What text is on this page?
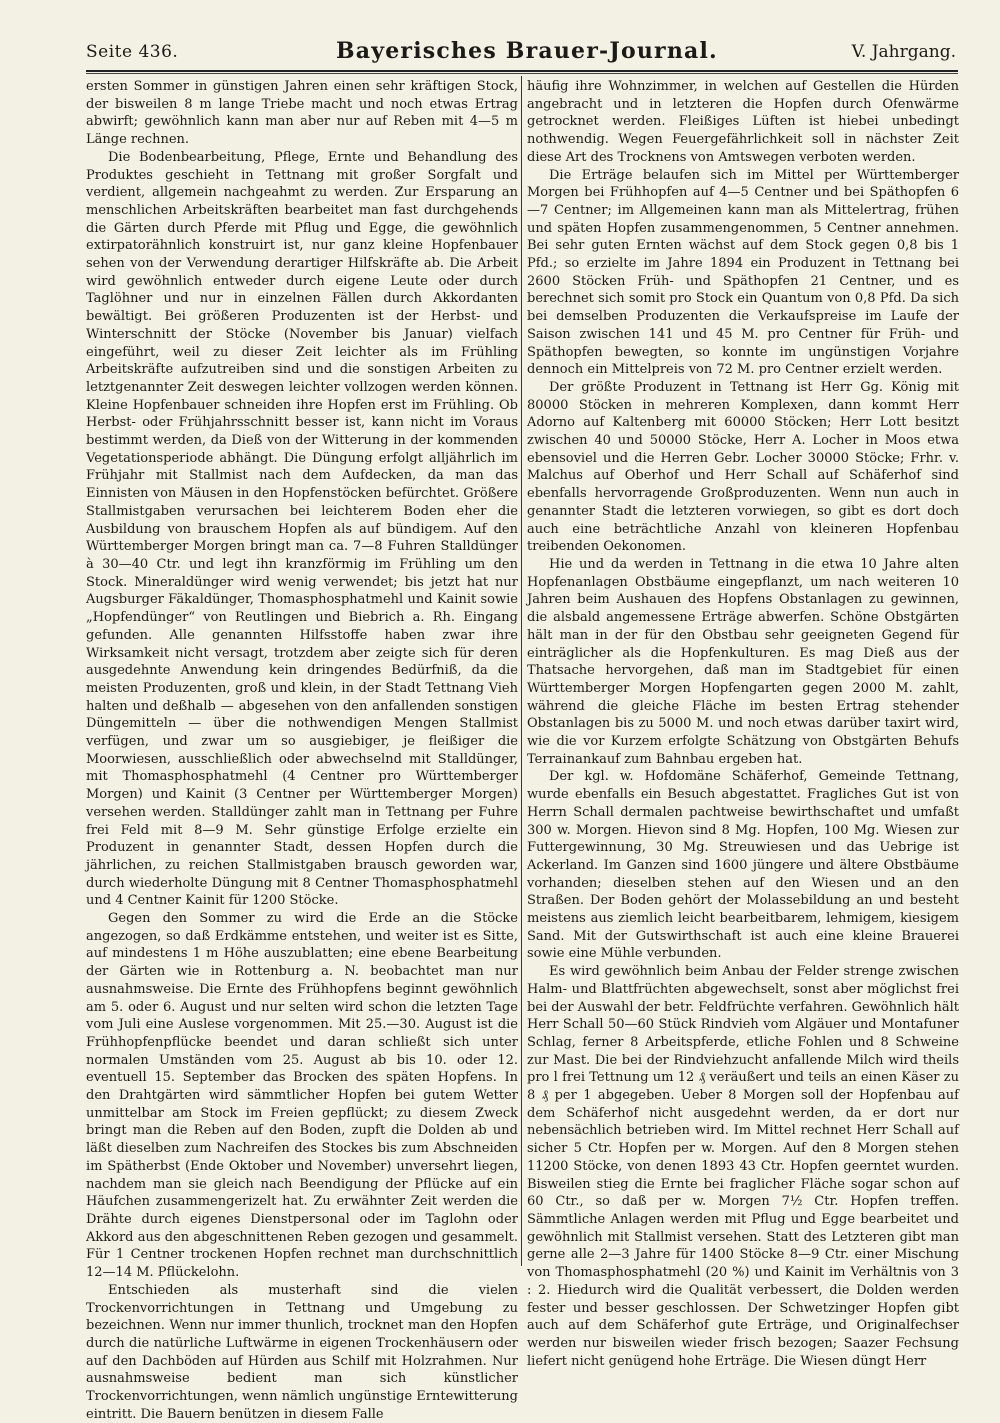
Seite 436.	Bayerisches Brauer-Journal.	V. Jahrgang.

ersten Sommer in günstigen Jahren einen sehr kräftigen Stock, der bisweilen 8 m lange Triebe macht und noch etwas Ertrag abwirft; gewöhnlich kann man aber nur auf Reben mit 4—5 m Länge rechnen.

Die Bodenbearbeitung, Pflege, Ernte und Behandlung des Produktes geschieht in Tettnang mit großer Sorgfalt und verdient, allgemein nachgeahmt zu werden. Zur Ersparung an menschlichen Arbeitskräften bearbeitet man fast durchgehends die Gärten durch Pferde mit Pflug und Egge, die gewöhnlich extirpatorähnlich konstruirt ist, nur ganz kleine Hopfenbauer sehen von der Verwendung derartiger Hilfskräfte ab. Die Arbeit wird gewöhnlich entweder durch eigene Leute oder durch Taglöhner und nur in einzelnen Fällen durch Akkordanten bewältigt. Bei größeren Produzenten ist der Herbst- und Winterschnitt der Stöcke (November bis Januar) vielfach eingeführt, weil zu dieser Zeit leichter als im Frühling Arbeitskräfte aufzutreiben sind und die sonstigen Arbeiten zu letztgenannter Zeit deswegen leichter vollzogen werden können. Kleine Hopfenbauer schneiden ihre Hopfen erst im Frühling. Ob Herbst- oder Frühjahrsschnitt besser ist, kann nicht im Voraus bestimmt werden, da Dieß von der Witterung in der kommenden Vegetationsperiode abhängt. Die Düngung erfolgt alljährlich im Frühjahr mit Stallmist nach dem Aufdecken, da man das Einnisten von Mäusen in den Hopfenstöcken befürchtet. Größere Stallmistgaben verursachen bei leichterem Boden eher die Ausbildung von brauschem Hopfen als auf bündigem. Auf den Württemberger Morgen bringt man ca. 7—8 Fuhren Stalldünger à 30—40 Ctr. und legt ihn kranzförmig im Frühling um den Stock. Mineraldünger wird wenig verwendet; bis jetzt hat nur Augsburger Fäkaldünger, Thomasphosphatmehl und Kainit sowie „Hopfendünger“ von Reutlingen und Biebrich a. Rh. Eingang gefunden. Alle genannten Hilfsstoffe haben zwar ihre Wirksamkeit nicht versagt, trotzdem aber zeigte sich für deren ausgedehnte Anwendung kein dringendes Bedürfniß, da die meisten Produzenten, groß und klein, in der Stadt Tettnang Vieh halten und deßhalb — abgesehen von den anfallenden sonstigen Düngemitteln — über die nothwendigen Mengen Stallmist verfügen, und zwar um so ausgiebiger, je fleißiger die Moorwiesen, ausschließlich oder abwechselnd mit Stalldünger, mit Thomasphosphatmehl (4 Centner pro Württemberger Morgen) und Kainit (3 Centner per Württemberger Morgen) versehen werden. Stalldünger zahlt man in Tettnang per Fuhre frei Feld mit 8—9 M. Sehr günstige Erfolge erzielte ein Produzent in genannter Stadt, dessen Hopfen durch die jährlichen, zu reichen Stallmistgaben brausch geworden war, durch wiederholte Düngung mit 8 Centner Thomasphosphatmehl und 4 Centner Kainit für 1200 Stöcke.

Gegen den Sommer zu wird die Erde an die Stöcke angezogen, so daß Erdkämme entstehen, und weiter ist es Sitte, auf mindestens 1 m Höhe auszublatten; eine ebene Bearbeitung der Gärten wie in Rottenburg a. N. beobachtet man nur ausnahmsweise. Die Ernte des Frühhopfens beginnt gewöhnlich am 5. oder 6. August und nur selten wird schon die letzten Tage vom Juli eine Auslese vorgenommen. Mit 25.—30. August ist die Frühhopfenpflücke beendet und daran schließt sich unter normalen Umständen vom 25. August ab bis 10. oder 12. eventuell 15. September das Brocken des späten Hopfens. In den Drahtgärten wird sämmtlicher Hopfen bei gutem Wetter unmittelbar am Stock im Freien gepflückt; zu diesem Zweck bringt man die Reben auf den Boden, zupft die Dolden ab und läßt dieselben zum Nachreifen des Stockes bis zum Abschneiden im Spätherbst (Ende Oktober und November) unversehrt liegen, nachdem man sie gleich nach Beendigung der Pflücke auf ein Häufchen zusammengerizelt hat. Zu erwähnter Zeit werden die Drähte durch eigenes Dienstpersonal oder im Taglohn oder Akkord aus den abgeschnittenen Reben gezogen und gesammelt. Für 1 Centner trockenen Hopfen rechnet man durchschnittlich 12—14 M. Pflückelohn.

Entschieden als musterhaft sind die vielen Trockenvorrichtungen in Tettnang und Umgebung zu bezeichnen. Wenn nur immer thunlich, trocknet man den Hopfen durch die natürliche Luftwärme in eigenen Trockenhäusern oder auf den Dachböden auf Hürden aus Schilf mit Holzrahmen. Nur ausnahmsweise bedient man sich künstlicher Trockenvorrichtungen, wenn nämlich ungünstige Erntewitterung eintritt. Die Bauern benützen in diesem Falle

häufig ihre Wohnzimmer, in welchen auf Gestellen die Hürden angebracht und in letzteren die Hopfen durch Ofenwärme getrocknet werden. Fleißiges Lüften ist hiebei unbedingt nothwendig. Wegen Feuergefährlichkeit soll in nächster Zeit diese Art des Trocknens von Amtswegen verboten werden.

Die Erträge belaufen sich im Mittel per Württemberger Morgen bei Frühhopfen auf 4—5 Centner und bei Späthopfen 6—7 Centner; im Allgemeinen kann man als Mittelertrag, frühen und späten Hopfen zusammengenommen, 5 Centner annehmen. Bei sehr guten Ernten wächst auf dem Stock gegen 0,8 bis 1 Pfd.; so erzielte im Jahre 1894 ein Produzent in Tettnang bei 2600 Stöcken Früh- und Späthopfen 21 Centner, und es berechnet sich somit pro Stock ein Quantum von 0,8 Pfd. Da sich bei demselben Produzenten die Verkaufspreise im Laufe der Saison zwischen 141 und 45 M. pro Centner für Früh- und Späthopfen bewegten, so konnte im ungünstigen Vorjahre dennoch ein Mittelpreis von 72 M. pro Centner erzielt werden.

Der größte Produzent in Tettnang ist Herr Gg. König mit 80000 Stöcken in mehreren Komplexen, dann kommt Herr Adorno auf Kaltenberg mit 60000 Stöcken; Herr Lott besitzt zwischen 40 und 50000 Stöcke, Herr A. Locher in Moos etwa ebensoviel und die Herren Gebr. Locher 30000 Stöcke; Frhr. v. Malchus auf Oberhof und Herr Schall auf Schäferhof sind ebenfalls hervorragende Großproduzenten. Wenn nun auch in genannter Stadt die letzteren vorwiegen, so gibt es dort doch auch eine beträchtliche Anzahl von kleineren Hopfenbau treibenden Oekonomen.

Hie und da werden in Tettnang in die etwa 10 Jahre alten Hopfenanlagen Obstbäume eingepflanzt, um nach weiteren 10 Jahren beim Aushauen des Hopfens Obstanlagen zu gewinnen, die alsbald angemessene Erträge abwerfen. Schöne Obstgärten hält man in der für den Obstbau sehr geeigneten Gegend für einträglicher als die Hopfenkulturen. Es mag Dieß aus der Thatsache hervorgehen, daß man im Stadtgebiet für einen Württemberger Morgen Hopfengarten gegen 2000 M. zahlt, während die gleiche Fläche im besten Ertrag stehender Obstanlagen bis zu 5000 M. und noch etwas darüber taxirt wird, wie die vor Kurzem erfolgte Schätzung von Obstgärten Behufs Terrainankauf zum Bahnbau ergeben hat.

Der kgl. w. Hofdomäne Schäferhof, Gemeinde Tettnang, wurde ebenfalls ein Besuch abgestattet. Fragliches Gut ist von Herrn Schall dermalen pachtweise bewirthschaftet und umfaßt 300 w. Morgen. Hievon sind 8 Mg. Hopfen, 100 Mg. Wiesen zur Futtergewinnung, 30 Mg. Streuwiesen und das Uebrige ist Ackerland. Im Ganzen sind 1600 jüngere und ältere Obstbäume vorhanden; dieselben stehen auf den Wiesen und an den Straßen. Der Boden gehört der Molassebildung an und besteht meistens aus ziemlich leicht bearbeitbarem, lehmigem, kiesigem Sand. Mit der Gutswirthschaft ist auch eine kleine Brauerei sowie eine Mühle verbunden.

Es wird gewöhnlich beim Anbau der Felder strenge zwischen Halm- und Blattfrüchten abgewechselt, sonst aber möglichst frei bei der Auswahl der betr. Feldfrüchte verfahren. Gewöhnlich hält Herr Schall 50—60 Stück Rindvieh vom Algäuer und Montafuner Schlag, ferner 8 Arbeitspferde, etliche Fohlen und 8 Schweine zur Mast. Die bei der Rindviehzucht anfallende Milch wird theils pro l frei Tettnung um 12 ₰ veräußert und teils an einen Käser zu 8 ₰ per 1 abgegeben. Ueber 8 Morgen soll der Hopfenbau auf dem Schäferhof nicht ausgedehnt werden, da er dort nur nebensächlich betrieben wird. Im Mittel rechnet Herr Schall auf sicher 5 Ctr. Hopfen per w. Morgen. Auf den 8 Morgen stehen 11200 Stöcke, von denen 1893 43 Ctr. Hopfen geerntet wurden. Bisweilen stieg die Ernte bei fraglicher Fläche sogar schon auf 60 Ctr., so daß per w. Morgen 7½ Ctr. Hopfen treffen. Sämmtliche Anlagen werden mit Pflug und Egge bearbeitet und gewöhnlich mit Stallmist versehen. Statt des Letzteren gibt man gerne alle 2—3 Jahre für 1400 Stöcke 8—9 Ctr. einer Mischung von Thomasphosphatmehl (20 %) und Kainit im Verhältnis von 3 : 2. Hiedurch wird die Qualität verbessert, die Dolden werden fester und besser geschlossen. Der Schwetzinger Hopfen gibt auch auf dem Schäferhof gute Erträge, und Originalfechser werden nur bisweilen wieder frisch bezogen; Saazer Fechsung liefert nicht genügend hohe Erträge. Die Wiesen düngt Herr
